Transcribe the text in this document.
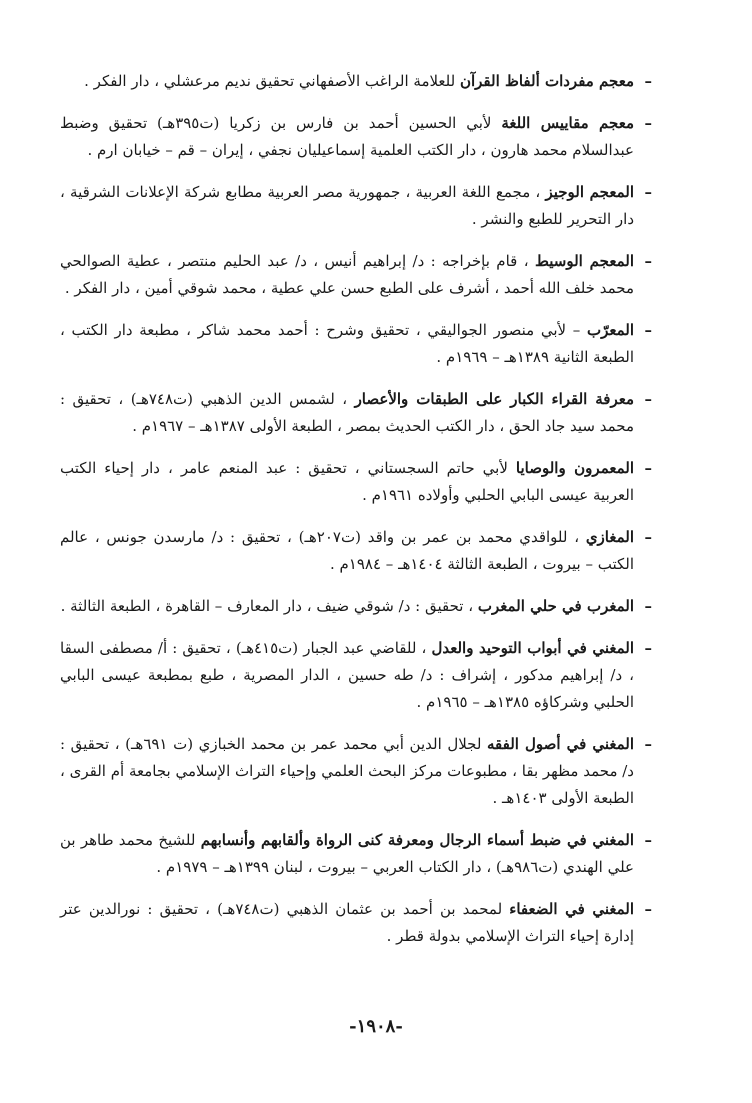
–
معجم مفردات ألفاظ القرآن للعلامة الراغب الأصفهاني تحقيق نديم مرعشلي ، دار الفكر .

–
معجم مقاييس اللغة لأبي الحسين أحمد بن فارس بن زكريا (ت٣٩٥هـ) تحقيق وضبط عبدالسلام محمد هارون ، دار الكتب العلمية إسماعيليان نجفي ، إيران – قم – خيابان ارم .

–
المعجم الوجيز ، مجمع اللغة العربية ، جمهورية مصر العربية مطابع شركة الإعلانات الشرقية ، دار التحرير للطبع والنشر .

–
المعجم الوسيط ، قام بإخراجه : د/ إبراهيم أنيس ، د/ عبد الحليم منتصر ، عطية الصوالحي محمد خلف الله أحمد ، أشرف على الطبع حسن علي عطية ، محمد شوقي أمين ، دار الفكر .

–
المعرّب – لأبي منصور الجواليقي ، تحقيق وشرح : أحمد محمد شاكر ، مطبعة دار الكتب ، الطبعة الثانية ١٣٨٩هـ – ١٩٦٩م .

–
معرفة القراء الكبار على الطبقات والأعصار ، لشمس الدين الذهبي (ت٧٤٨هـ) ، تحقيق : محمد سيد جاد الحق ، دار الكتب الحديث بمصر ، الطبعة الأولى ١٣٨٧هـ – ١٩٦٧م .

–
المعمرون والوصايا لأبي حاتم السجستاني ، تحقيق : عبد المنعم عامر ، دار إحياء الكتب العربية عيسى البابي الحلبي وأولاده ١٩٦١م .

–
المغازي ، للواقدي محمد بن عمر بن واقد (ت٢٠٧هـ) ، تحقيق : د/ مارسدن جونس ، عالم الكتب – بيروت ، الطبعة الثالثة ١٤٠٤هـ – ١٩٨٤م .

–
المغرب في حلي المغرب ، تحقيق : د/ شوقي ضيف ، دار المعارف – القاهرة ، الطبعة الثالثة .

–
المغني في أبواب التوحيد والعدل ، للقاضي عبد الجبار (ت٤١٥هـ) ، تحقيق : أ/ مصطفى السقا ، د/ إبراهيم مدكور ، إشراف : د/ طه حسين ، الدار المصرية ، طبع بمطبعة عيسى البابي الحلبي وشركاؤه ١٣٨٥هـ – ١٩٦٥م .

–
المغني في أصول الفقه لجلال الدين أبي محمد عمر بن محمد الخبازي (ت ٦٩١هـ) ، تحقيق : د/ محمد مظهر بقا ، مطبوعات مركز البحث العلمي وإحياء التراث الإسلامي بجامعة أم القرى ، الطبعة الأولى ١٤٠٣هـ .

–
المغني في ضبط أسماء الرجال ومعرفة كنى الرواة وألقابهم وأنسابهم للشيخ محمد طاهر بن علي الهندي (ت٩٨٦هـ) ، دار الكتاب العربي – بيروت ، لبنان ١٣٩٩هـ – ١٩٧٩م .

–
المغني في الضعفاء لمحمد بن أحمد بن عثمان الذهبي (ت٧٤٨هـ) ، تحقيق : نورالدين عتر إدارة إحياء التراث الإسلامي بدولة قطر .

-١٩٠٨-
